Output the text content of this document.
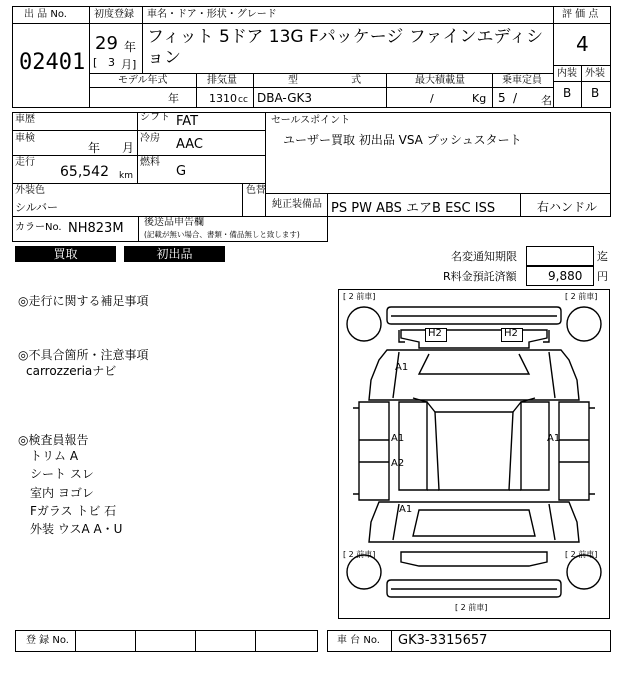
出 品 No.
02401
初度登録
29 年
[ 3 月]
車名・ドア・形状・グレード
フィット 5ドア 13G Fパッケージ ファインエディション
評 価 点
4
内装 外装
B B
モデル年式
年
排気量
1310 cc
型 式
DBA-GK3
最大積載量
/	Kg
乗車定員
5 / 名
車歴
車検
年 月
走行
65,542 km
シフト FAT
冷房 AAC
燃料
G
セールスポイント
ユーザー買取 初出品 VSA プッシュスタート
外装色
シルバー
色替
純正装備品 PS PW ABS エアB ESC ISS	右ハンドル
カラーNo. NH823M 後送品申告欄
(記載が無い場合、書類・備品無しと致します)
買取	初出品	名変通知期限	迄
R料金預託済額	9,880 円
◎走行に関する補足事項
◎不具合箇所・注意事項
carrozzeriaナビ
◎検査員報告
トリム A
シート スレ
室内 ヨゴレ
Fガラス トビ 石
外装 ウスA A・U
H2	H2
A1
A1
A2
A1
A1
[ 2 前車]	[ 2 前車]
[ 2 前車]
[ 2 前車]
[ 2 前車]
登 録 No.	車 台 No. GK3-3315657
